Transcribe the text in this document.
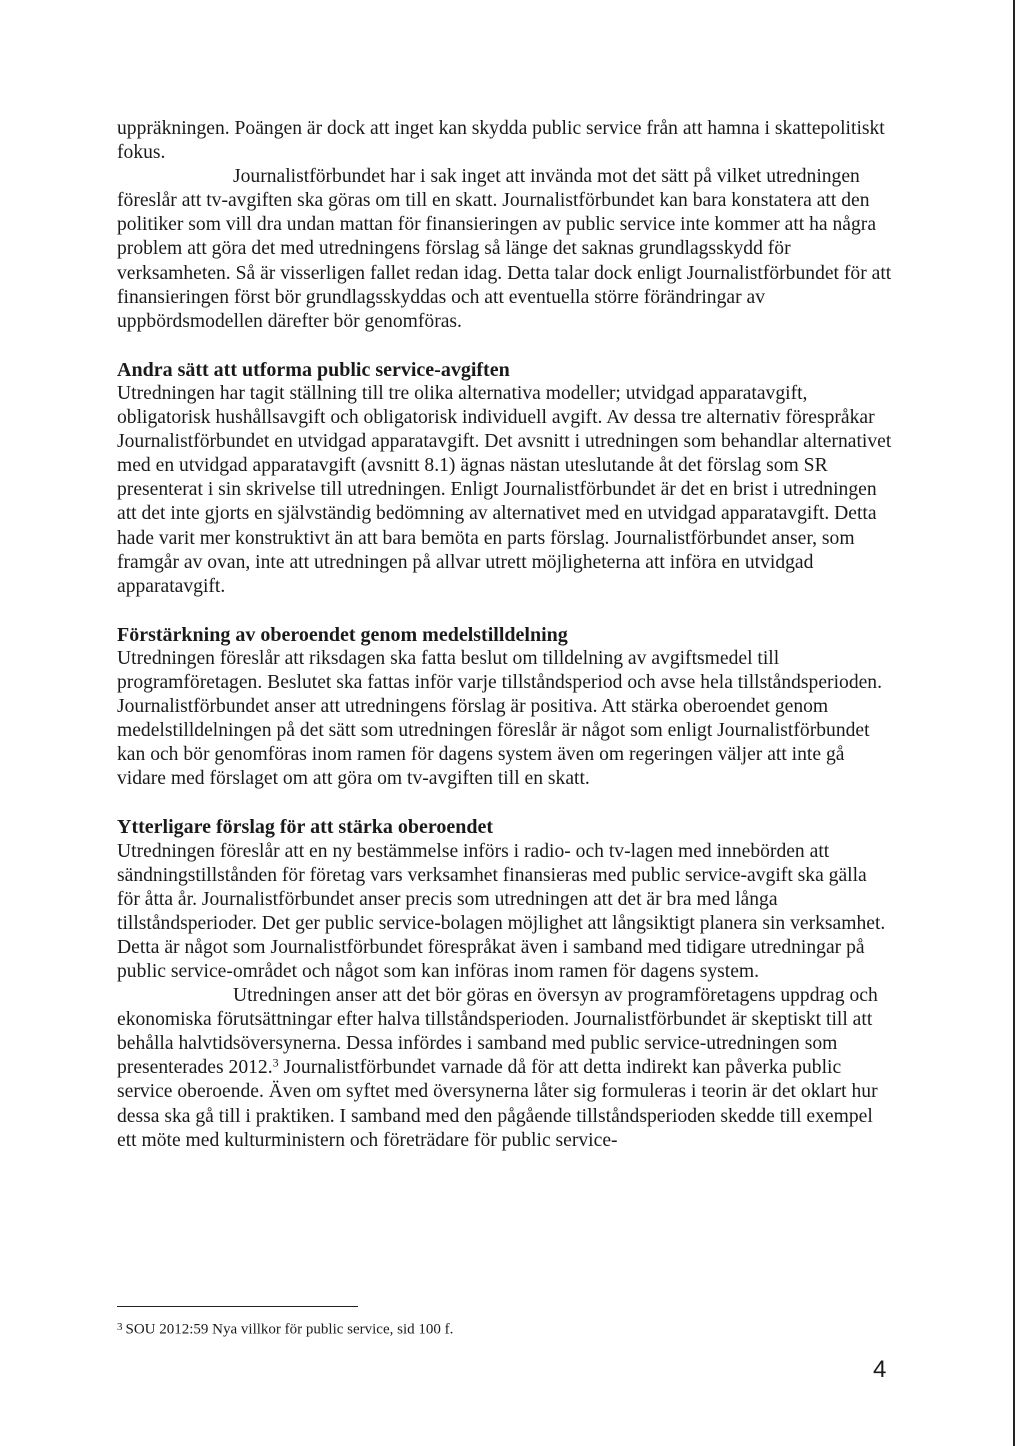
uppräkningen. Poängen är dock att inget kan skydda public service från att hamna i skattepolitiskt fokus.

Journalistförbundet har i sak inget att invända mot det sätt på vilket utredningen föreslår att tv-avgiften ska göras om till en skatt. Journalistförbundet kan bara konstatera att den politiker som vill dra undan mattan för finansieringen av public service inte kommer att ha några problem att göra det med utredningens förslag så länge det saknas grundlagsskydd för verksamheten. Så är visserligen fallet redan idag. Detta talar dock enligt Journalistförbundet för att finansieringen först bör grundlagsskyddas och att eventuella större förändringar av uppbördsmodellen därefter bör genomföras.

Andra sätt att utforma public service-avgiften

Utredningen har tagit ställning till tre olika alternativa modeller; utvidgad apparatavgift, obligatorisk hushållsavgift och obligatorisk individuell avgift. Av dessa tre alternativ förespråkar Journalistförbundet en utvidgad apparatavgift. Det avsnitt i utredningen som behandlar alternativet med en utvidgad apparatavgift (avsnitt 8.1) ägnas nästan uteslutande åt det förslag som SR presenterat i sin skrivelse till utredningen. Enligt Journalistförbundet är det en brist i utredningen att det inte gjorts en självständig bedömning av alternativet med en utvidgad apparatavgift. Detta hade varit mer konstruktivt än att bara bemöta en parts förslag. Journalistförbundet anser, som framgår av ovan, inte att utredningen på allvar utrett möjligheterna att införa en utvidgad apparatavgift.

Förstärkning av oberoendet genom medelstilldelning

Utredningen föreslår att riksdagen ska fatta beslut om tilldelning av avgiftsmedel till programföretagen. Beslutet ska fattas inför varje tillståndsperiod och avse hela tillståndsperioden. Journalistförbundet anser att utredningens förslag är positiva. Att stärka oberoendet genom medelstilldelningen på det sätt som utredningen föreslår är något som enligt Journalistförbundet kan och bör genomföras inom ramen för dagens system även om regeringen väljer att inte gå vidare med förslaget om att göra om tv-avgiften till en skatt.

Ytterligare förslag för att stärka oberoendet

Utredningen föreslår att en ny bestämmelse införs i radio- och tv-lagen med innebörden att sändningstillstånden för företag vars verksamhet finansieras med public service-avgift ska gälla för åtta år. Journalistförbundet anser precis som utredningen att det är bra med långa tillståndsperioder. Det ger public service-bolagen möjlighet att långsiktigt planera sin verksamhet. Detta är något som Journalistförbundet förespråkat även i samband med tidigare utredningar på public service-området och något som kan införas inom ramen för dagens system.

Utredningen anser att det bör göras en översyn av programföretagens uppdrag och ekonomiska förutsättningar efter halva tillståndsperioden. Journalistförbundet är skeptiskt till att behålla halvtidsöversynerna. Dessa infördes i samband med public service-utredningen som presenterades 2012.$^3$ Journalistförbundet varnade då för att detta indirekt kan påverka public service oberoende. Även om syftet med översynerna låter sig formuleras i teorin är det oklart hur dessa ska gå till i praktiken. I samband med den pågående tillståndsperioden skedde till exempel ett möte med kulturministern och företrädare för public service-

$^3$ SOU 2012:59 Nya villkor för public service, sid 100 f.
4
